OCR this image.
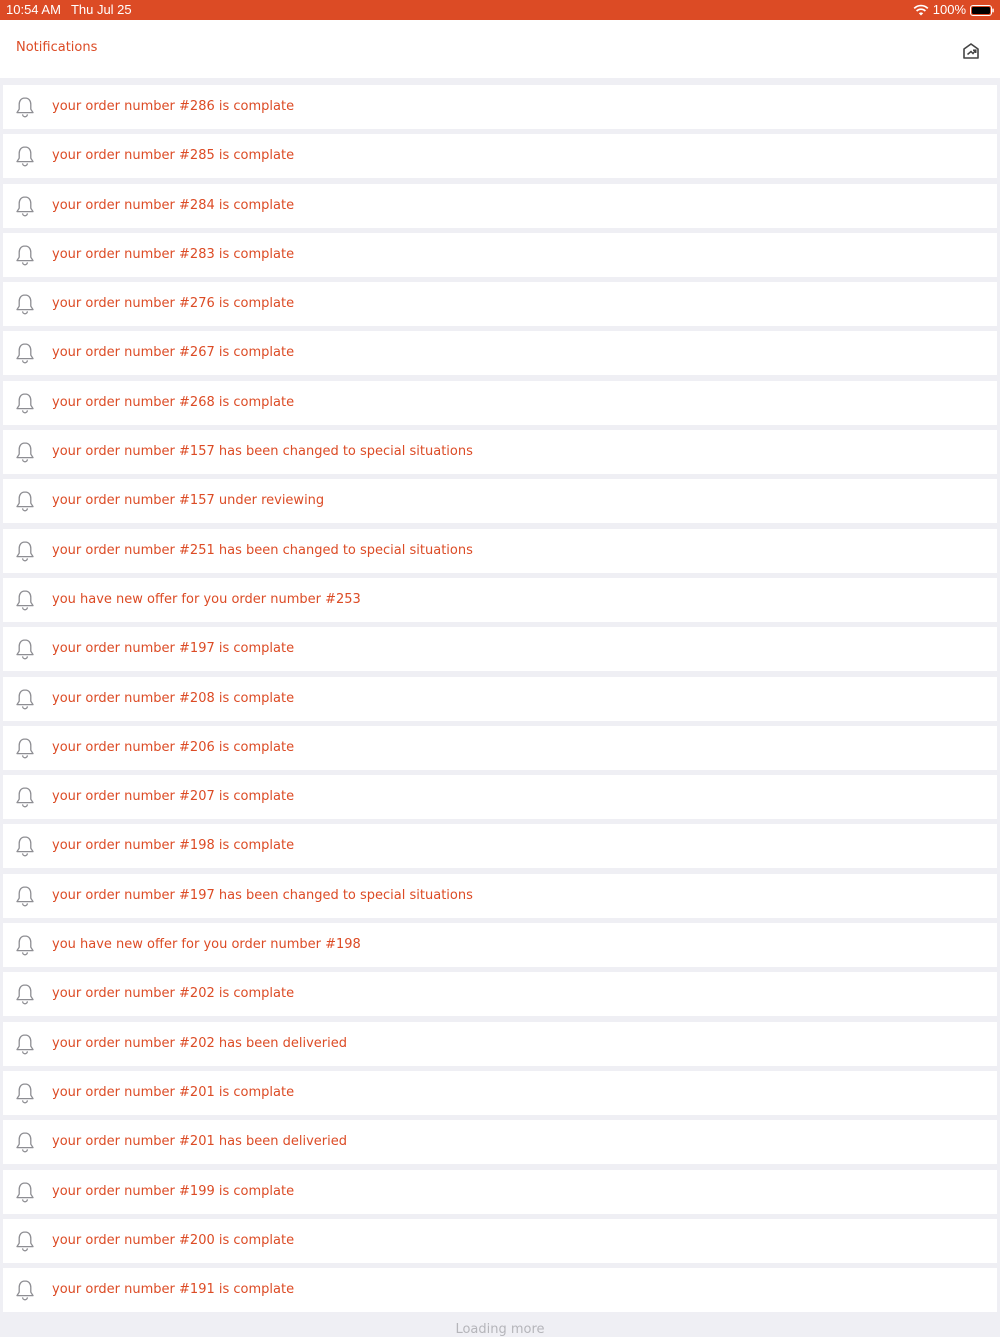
10:54 AM Thu Jul 25	100%
Notifications
your order number #286 is complate
your order number #285 is complate
your order number #284 is complate
your order number #283 is complate
your order number #276 is complate
your order number #267 is complate
your order number #268 is complate
your order number #157 has been changed to special situations
your order number #157 under reviewing
your order number #251 has been changed to special situations
you have new offer for you order number #253
your order number #197 is complate
your order number #208 is complate
your order number #206 is complate
your order number #207 is complate
your order number #198 is complate
your order number #197 has been changed to special situations
you have new offer for you order number #198
your order number #202 is complate
your order number #202 has been deliveried
your order number #201 is complate
your order number #201 has been deliveried
your order number #199 is complate
your order number #200 is complate
your order number #191 is complate
Loading more
